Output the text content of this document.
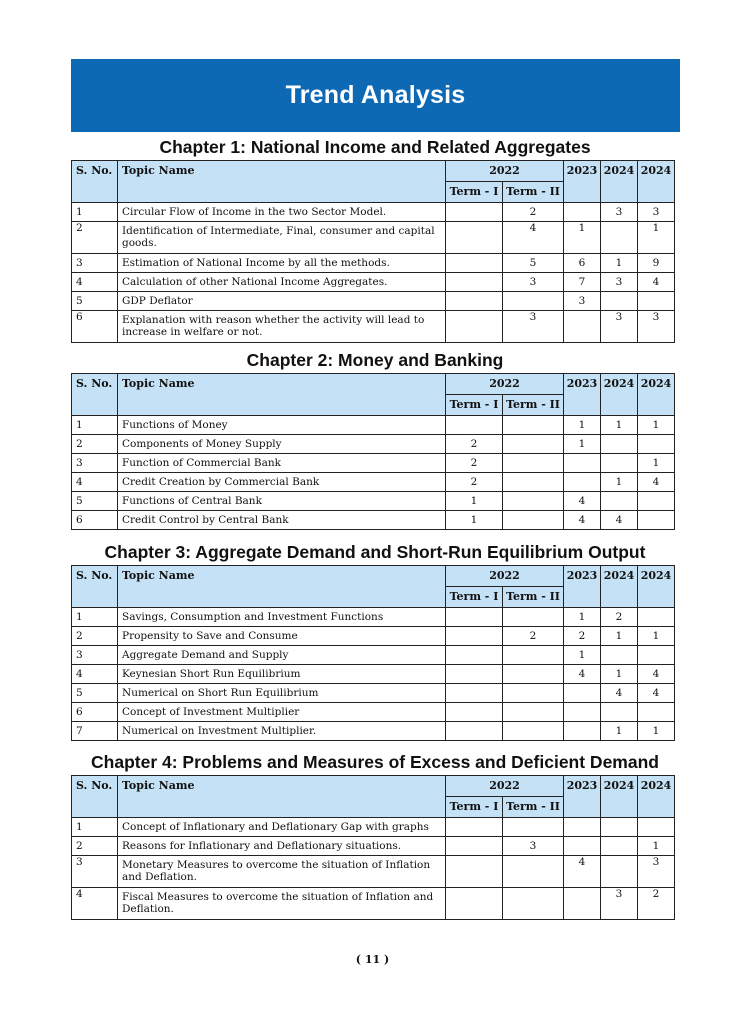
Trend Analysis
Chapter 1: National Income and Related Aggregates
S. No.	Topic Name	2022		2023	2024	2024
		Term - I	Term - II			
1	Circular Flow of Income in the two Sector Model.		2		3	3
2	Identification of Intermediate, Final, consumer and capital goods.		4	1		1
3	Estimation of National Income by all the methods.		5	6	1	9
4	Calculation of other National Income Aggregates.		3	7	3	4
5	GDP Deflator			3		
6	Explanation with reason whether the activity will lead to increase in welfare or not.		3		3	3
Chapter 2: Money and Banking
S. No.	Topic Name	2022		2023	2024	2024
		Term - I	Term - II			
1	Functions of Money			1	1	1
2	Components of Money Supply	2		1		
3	Function of Commercial Bank	2				1
4	Credit Creation by Commercial Bank	2			1	4
5	Functions of Central Bank	1		4		
6	Credit Control by Central Bank	1		4	4	
Chapter 3: Aggregate Demand and Short-Run Equilibrium Output
S. No.	Topic Name	2022		2023	2024	2024
		Term - I	Term - II			
1	Savings, Consumption and Investment Functions			1	2	
2	Propensity to Save and Consume		2	2	1	1
3	Aggregate Demand and Supply			1		
4	Keynesian Short Run Equilibrium			4	1	4
5	Numerical on Short Run Equilibrium				4	4
6	Concept of Investment Multiplier					
7	Numerical on Investment Multiplier.				1	1
Chapter 4: Problems and Measures of Excess and Deficient Demand
S. No.	Topic Name	2022		2023	2024	2024
		Term - I	Term - II			
1	Concept of Inflationary and Deflationary Gap with graphs					
2	Reasons for Inflationary and Deflationary situations.		3			1
3	Monetary Measures to overcome the situation of Inflation and Deflation.			4		3
4	Fiscal Measures to overcome the situation of Inflation and Deflation.				3	2
( 11 )
